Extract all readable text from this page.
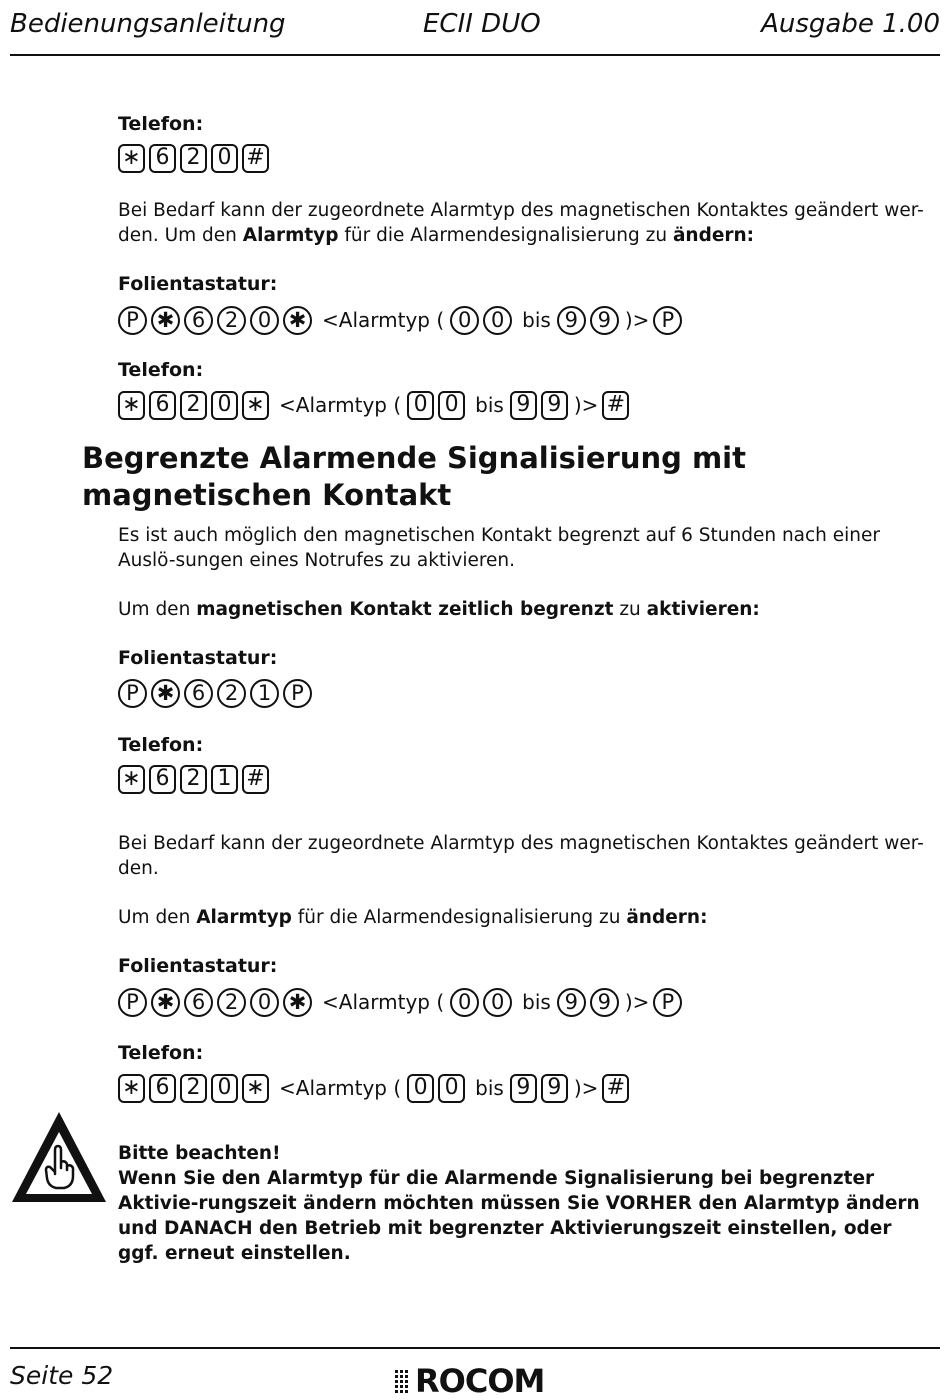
Bedienungsanleitung	ECII DUO	Ausgabe 1.00

Telefon:

∗ 6 2 0 #

Bei Bedarf kann der zugeordnete Alarmtyp des magnetischen Kontaktes geändert wer-
den. Um den Alarmtyp für die Alarmendesignalisierung zu ändern:

Folientastatur:

P ✱ 6 2 0 ✱ <Alarmtyp ( 0 0 bis 9 9 )> P

Telefon:

∗ 6 2 0 ∗ <Alarmtyp ( 0 0 bis 9 9 )> #
Begrenzte Alarmende Signalisierung mit magnetischen Kontakt

Es ist auch möglich den magnetischen Kontakt begrenzt auf 6 Stunden nach einer Auslö-sungen eines Notrufes zu aktivieren.

Um den magnetischen Kontakt zeitlich begrenzt zu aktivieren:

Folientastatur:

P ✱ 6 2 1 P

Telefon:

∗ 6 2 1 #

Bei Bedarf kann der zugeordnete Alarmtyp des magnetischen Kontaktes geändert wer-den.

Um den Alarmtyp für die Alarmendesignalisierung zu ändern:

Folientastatur:

P ✱ 6 2 0 ✱ <Alarmtyp ( 0 0 bis 9 9 )> P

Telefon:

∗ 6 2 0 ∗ <Alarmtyp ( 0 0 bis 9 9 )> #

Bitte beachten!
Wenn Sie den Alarmtyp für die Alarmende Signalisierung bei begrenzter Aktivie-rungszeit ändern möchten müssen Sie VORHER den Alarmtyp ändern und DANACH den Betrieb mit begrenzter Aktivierungszeit einstellen, oder ggf. erneut einstellen.

Seite 52	ROCOM
